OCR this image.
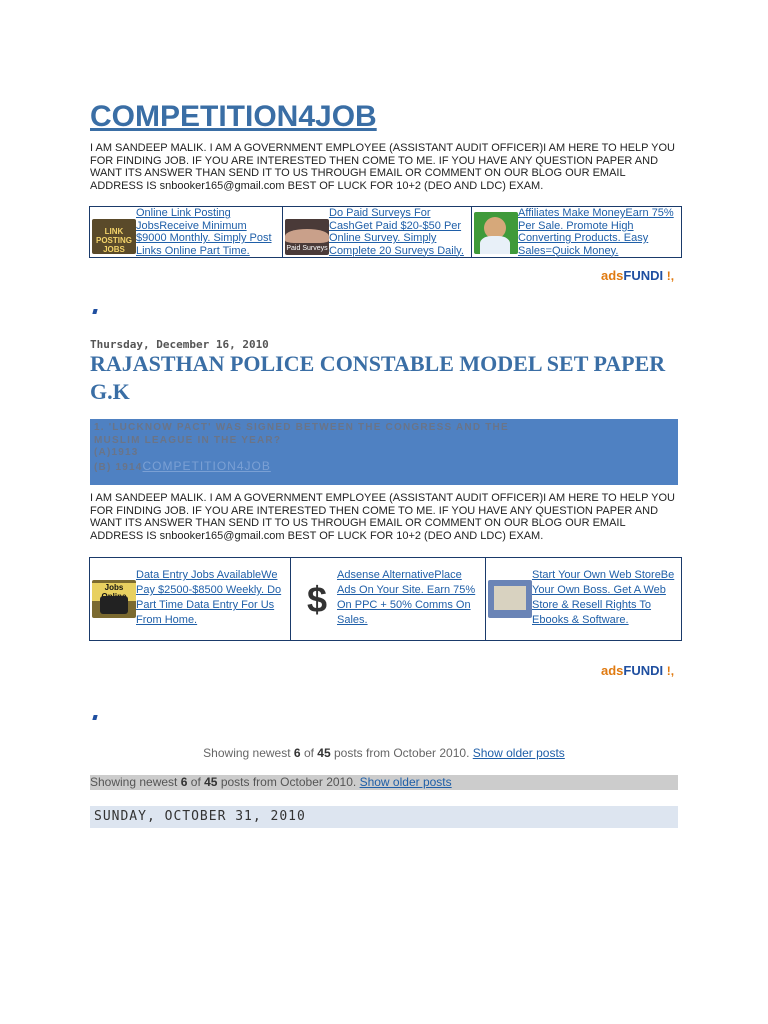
COMPETITION4JOB

I AM SANDEEP MALIK. I AM A GOVERNMENT EMPLOYEE (ASSISTANT AUDIT OFFICER)I AM HERE TO HELP YOU FOR FINDING JOB. IF YOU ARE INTERESTED THEN COME TO ME. IF YOU HAVE ANY QUESTION PAPER AND WANT ITS ANSWER THAN SEND IT TO US THROUGH EMAIL OR COMMENT ON OUR BLOG OUR EMAIL ADDRESS IS snbooker165@gmail.com BEST OF LUCK FOR 10+2 (DEO AND LDC) EXAM.

LINK POSTING JOBS
Online Link Posting JobsReceive Minimum $9000 Monthly. Simply Post Links Online Part Time.	Paid Surveys
Do Paid Surveys For CashGet Paid $20-$50 Per Online Survey. Simply Complete 20 Surveys Daily.
Affiliates Make MoneyEarn 75% Per Sale. Promote High Converting Products. Easy Sales=Quick Money.
adsFUNDI !,
Thursday, December 16, 2010
RAJASTHAN POLICE CONSTABLE MODEL SET PAPER G.K

1. 'LUCKNOW PACT' WAS SIGNED BETWEEN THE CONGRESS AND THE

MUSLIM LEAGUE IN THE YEAR?

(A)1913

(B) 1914COMPETITION4JOB

I AM SANDEEP MALIK. I AM A GOVERNMENT EMPLOYEE (ASSISTANT AUDIT OFFICER)I AM HERE TO HELP YOU FOR FINDING JOB. IF YOU ARE INTERESTED THEN COME TO ME. IF YOU HAVE ANY QUESTION PAPER AND WANT ITS ANSWER THAN SEND IT TO US THROUGH EMAIL OR COMMENT ON OUR BLOG OUR EMAIL ADDRESS IS snbooker165@gmail.com BEST OF LUCK FOR 10+2 (DEO AND LDC) EXAM.

Jobs
Data Entry Jobs AvailableWe Pay $2500-$8500 Weekly. Do Part Time Data Entry For Us From Home.	$
Adsense AlternativePlace Ads On Your Site. Earn 75% On PPC + 50% Comms On Sales.
Start Your Own Web StoreBe Your Own Boss. Get A Web Store & Resell Rights To Ebooks & Software.
adsFUNDI !,
Showing newest 6 of 45 posts from October 2010. Show older posts
Showing newest 6 of 45 posts from October 2010. Show older posts
SUNDAY, OCTOBER 31, 2010
